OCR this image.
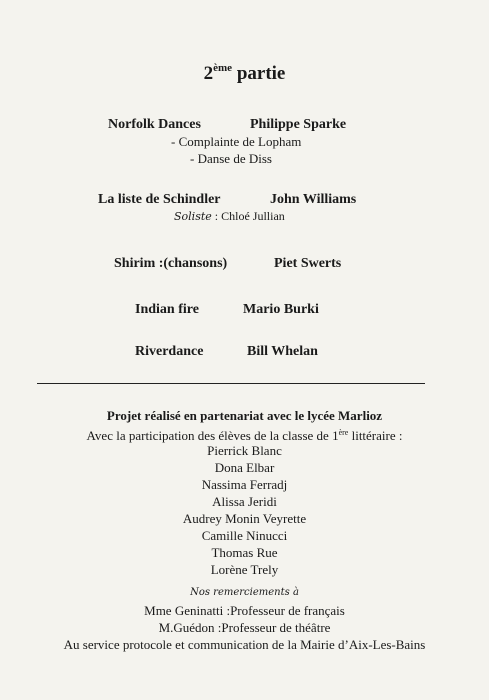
2ème partie
Norfolk Dances	Philippe Sparke
- Complainte de Lopham
- Danse de Diss
La liste de Schindler	John Williams
Soliste : Chloé Jullian
Shirim :(chansons)	Piet Swerts
Indian fire	Mario Burki
Riverdance	Bill Whelan
Projet réalisé en partenariat avec le lycée Marlioz
Avec la participation des élèves de la classe de 1ère littéraire :
Pierrick Blanc
Dona Elbar
Nassima Ferradj
Alissa Jeridi
Audrey Monin Veyrette
Camille Ninucci
Thomas Rue
Lorène Trely
Nos remerciements à
Mme Geninatti :Professeur de français
M.Guédon :Professeur de théâtre
Au service protocole et communication de la Mairie d’Aix-Les-Bains
